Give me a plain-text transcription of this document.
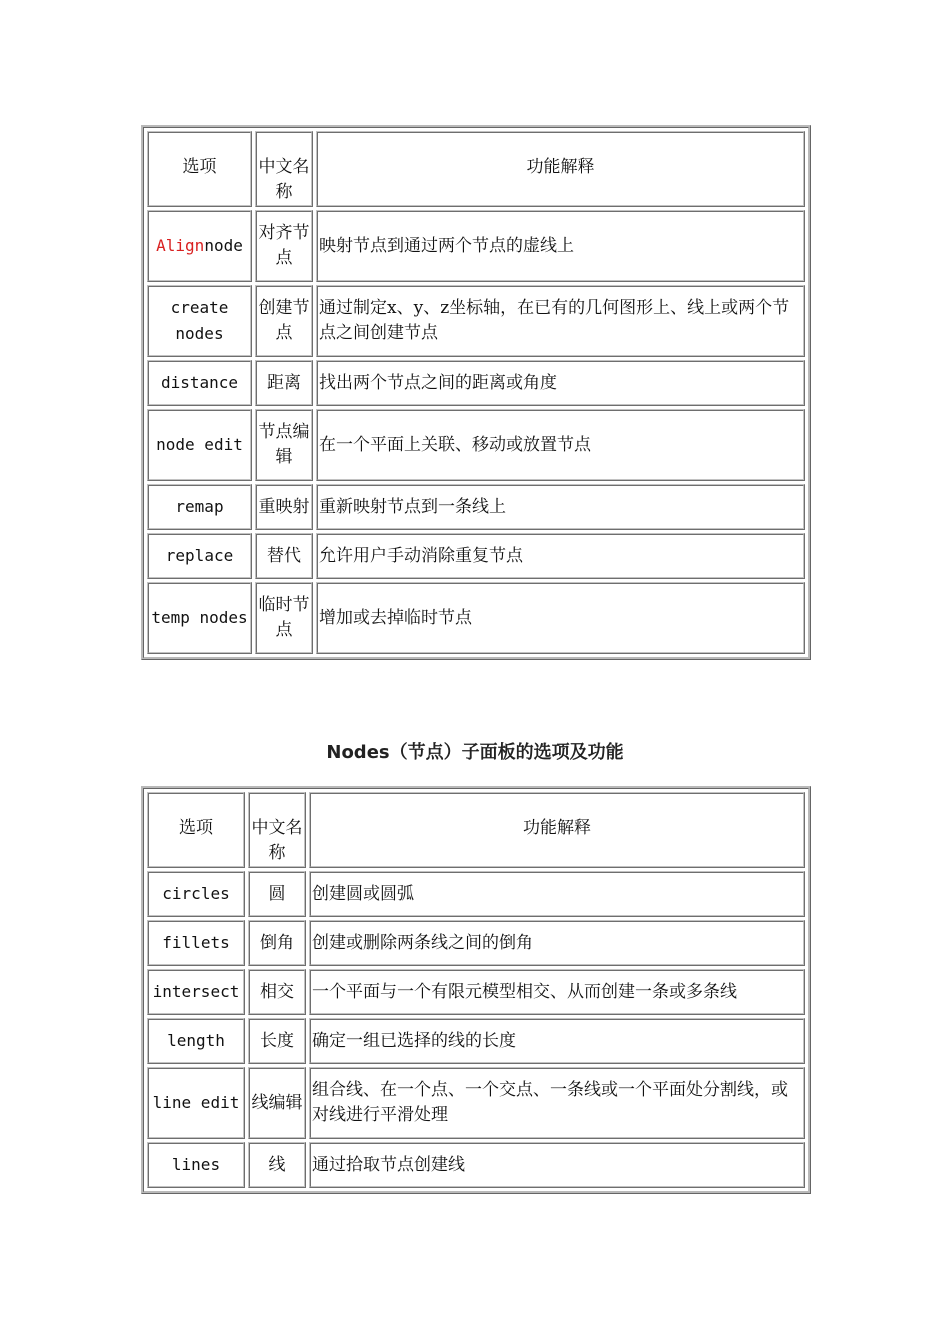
选项	中文名称	功能解释
Alignnode	对齐节点	映射节点到通过两个节点的虚线上
create nodes	创建节点	通过制定x、y、z坐标轴，在已有的几何图形上、线上或两个节点之间创建节点
distance	距离	找出两个节点之间的距离或角度
node edit	节点编辑	在一个平面上关联、移动或放置节点
remap	重映射	重新映射节点到一条线上
replace	替代	允许用户手动消除重复节点
temp nodes	临时节点	增加或去掉临时节点
Nodes（节点）子面板的选项及功能
选项	中文名称	功能解释
circles	圆	创建圆或圆弧
fillets	倒角	创建或删除两条线之间的倒角
intersect	相交	一个平面与一个有限元模型相交、从而创建一条或多条线
length	长度	确定一组已选择的线的长度
line edit	线编辑	组合线、在一个点、一个交点、一条线或一个平面处分割线，或对线进行平滑处理
lines	线	通过拾取节点创建线
